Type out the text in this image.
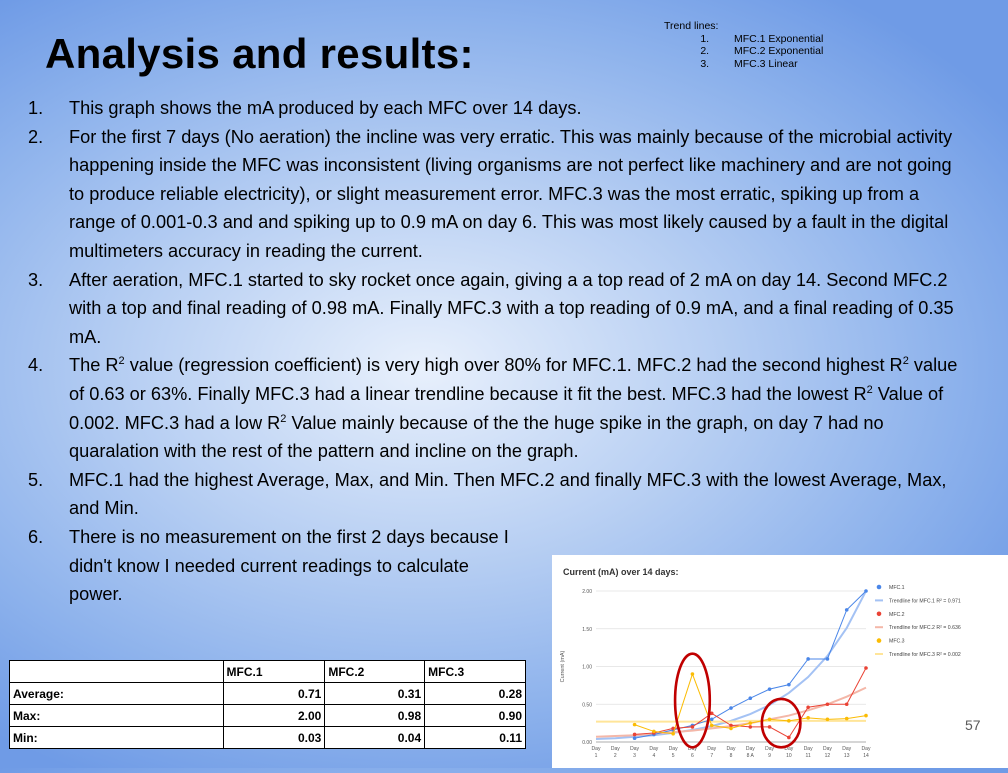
Analysis and results:
Trend lines:
1. MFC.1 Exponential
2. MFC.2 Exponential
3. MFC.3 Linear
1. This graph shows the mA produced by each MFC over 14 days.
2. For the first 7 days (No aeration) the incline was very erratic. This was mainly because of the microbial activity happening inside the MFC was inconsistent (living organisms are not perfect like machinery and are not going to produce reliable electricity), or slight measurement error. MFC.3 was the most erratic, spiking up from a range of 0.001-0.3 and and spiking up to 0.9 mA on day 6. This was most likely caused by a fault in the digital multimeters accuracy in reading the current.
3. After aeration, MFC.1 started to sky rocket once again, giving a a top read of 2 mA on day 14. Second MFC.2 with a top and final reading of 0.98 mA. Finally MFC.3 with a top reading of 0.9 mA, and a final reading of 0.35 mA.
4. The $R^2$ value (regression coefficient) is very high over 80% for MFC.1. MFC.2 had the second highest $R^2$ value of 0.63 or 63%. Finally MFC.3 had a linear trendline because it fit the best. MFC.3 had the lowest $R^2$ Value of 0.002. MFC.3 had a low $R^2$ Value mainly because of the the huge spike in the graph, on day 7 had no quaralation with the rest of the pattern and incline on the graph.
5. MFC.1 had the highest Average, Max, and Min. Then MFC.2 and finally MFC.3 with the lowest Average, Max, and Min.
6. There is no measurement on the first 2 days because I didn't know I needed current readings to calculate power.
	MFC.1	MFC.2	MFC.3
Average:	0.71	0.31	0.28
Max:	2.00	0.98	0.90
Min:	0.03	0.04	0.11
Current (mA) over 14 days:
Current (mA)
0.00
0.50
1.00
1.50
2.00
Day
1
Day
2
Day
3
Day
4
Day
5
Day
6
Day
7
Day
8
Day
8 A
Day
9
Day
10
Day
11
Day
12
Day
13
Day
14
MFC.1
Trendline for MFC.1 R² = 0.971
MFC.2
Trendline for MFC.2 R² = 0.636
MFC.3
Trendline for MFC.3 R² = 0.002
57
